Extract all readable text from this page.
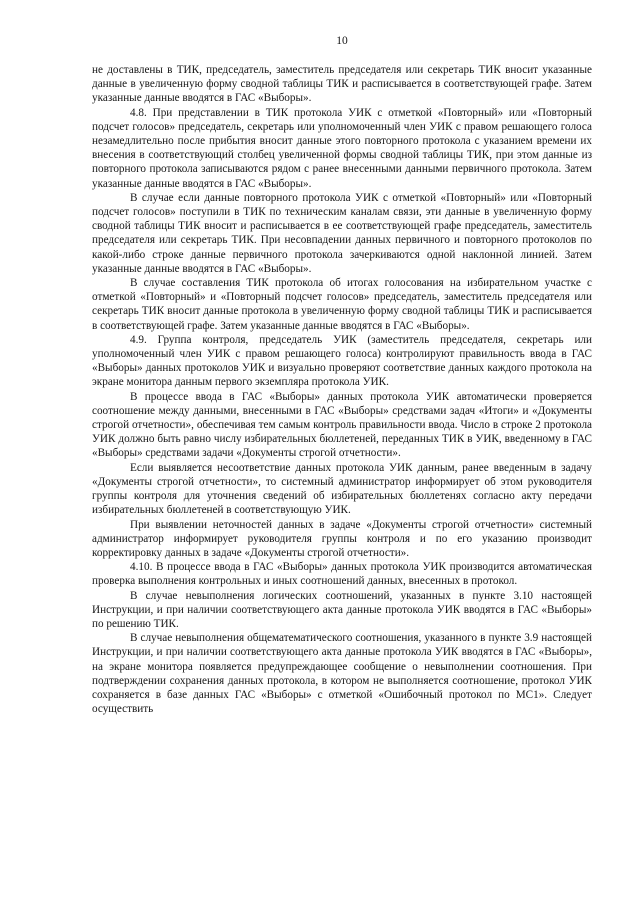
10

не доставлены в ТИК, председатель, заместитель председателя или секретарь ТИК вносит указанные данные в увеличенную форму сводной таблицы ТИК и расписывается в соответствующей графе. Затем указанные данные вводятся в ГАС «Выборы».

4.8. При представлении в ТИК протокола УИК с отметкой «Повторный» или «Повторный подсчет голосов» председатель, секретарь или уполномоченный член УИК с правом решающего голоса незамедлительно после прибытия вносит данные этого повторного протокола с указанием времени их внесения в соответствующий столбец увеличенной формы сводной таблицы ТИК, при этом данные из повторного протокола записываются рядом с ранее внесенными данными первичного протокола. Затем указанные данные вводятся в ГАС «Выборы».

В случае если данные повторного протокола УИК с отметкой «Повторный» или «Повторный подсчет голосов» поступили в ТИК по техническим каналам связи, эти данные в увеличенную форму сводной таблицы ТИК вносит и расписывается в ее соответствующей графе председатель, заместитель председателя или секретарь ТИК. При несовпадении данных первичного и повторного протоколов по какой-либо строке данные первичного протокола зачеркиваются одной наклонной линией. Затем указанные данные вводятся в ГАС «Выборы».

В случае составления ТИК протокола об итогах голосования на избирательном участке с отметкой «Повторный» и «Повторный подсчет голосов» председатель, заместитель председателя или секретарь ТИК вносит данные протокола в увеличенную форму сводной таблицы ТИК и расписывается в соответствующей графе. Затем указанные данные вводятся в ГАС «Выборы».

4.9. Группа контроля, председатель УИК (заместитель председателя, секретарь или уполномоченный член УИК с правом решающего голоса) контролируют правильность ввода в ГАС «Выборы» данных протоколов УИК и визуально проверяют соответствие данных каждого протокола на экране монитора данным первого экземпляра протокола УИК.

В процессе ввода в ГАС «Выборы» данных протокола УИК автоматически проверяется соотношение между данными, внесенными в ГАС «Выборы» средствами задач «Итоги» и «Документы строгой отчетности», обеспечивая тем самым контроль правильности ввода. Число в строке 2 протокола УИК должно быть равно числу избирательных бюллетеней, переданных ТИК в УИК, введенному в ГАС «Выборы» средствами задачи «Документы строгой отчетности».

Если выявляется несоответствие данных протокола УИК данным, ранее введенным в задачу «Документы строгой отчетности», то системный администратор информирует об этом руководителя группы контроля для уточнения сведений об избирательных бюллетенях согласно акту передачи избирательных бюллетеней в соответствующую УИК.

При выявлении неточностей данных в задаче «Документы строгой отчетности» системный администратор информирует руководителя группы контроля и по его указанию производит корректировку данных в задаче «Документы строгой отчетности».

4.10. В процессе ввода в ГАС «Выборы» данных протокола УИК производится автоматическая проверка выполнения контрольных и иных соотношений данных, внесенных в протокол.

В случае невыполнения логических соотношений, указанных в пункте 3.10 настоящей Инструкции, и при наличии соответствующего акта данные протокола УИК вводятся в ГАС «Выборы» по решению ТИК.

В случае невыполнения общематематического соотношения, указанного в пункте 3.9 настоящей Инструкции, и при наличии соответствующего акта данные протокола УИК вводятся в ГАС «Выборы», на экране монитора появляется предупреждающее сообщение о невыполнении соотношения. При подтверждении сохранения данных протокола, в котором не выполняется соотношение, протокол УИК сохраняется в базе данных ГАС «Выборы» с отметкой «Ошибочный протокол по МС1». Следует осуществить
